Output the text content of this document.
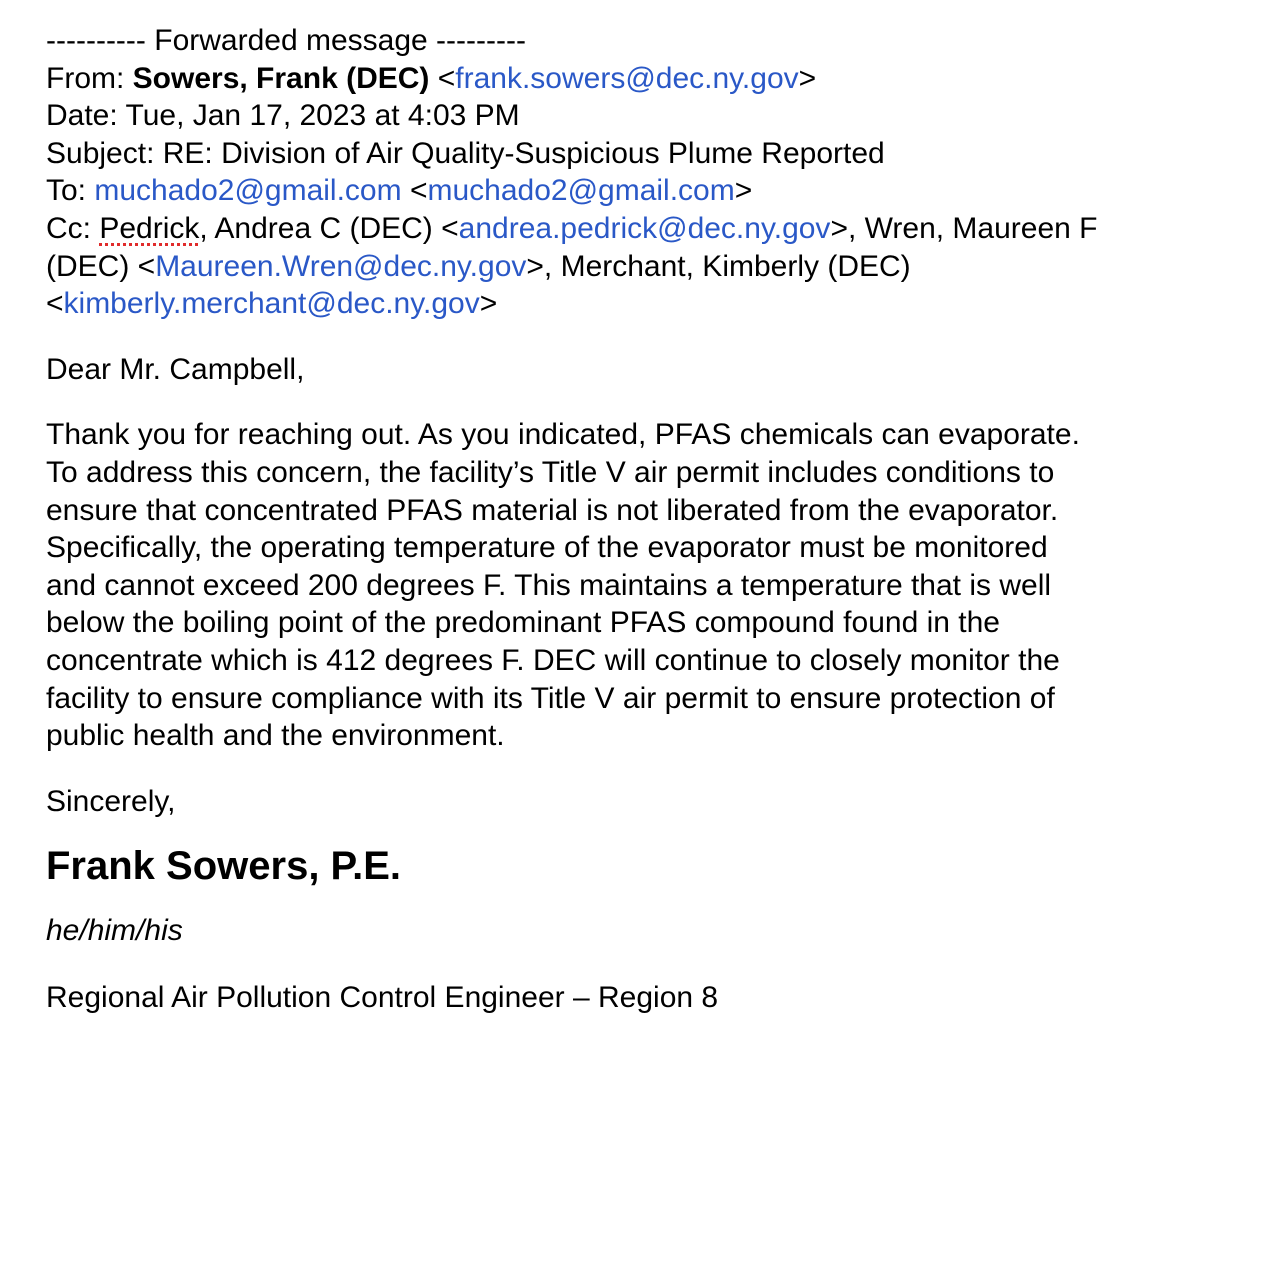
---------- Forwarded message ---------
From: Sowers, Frank (DEC) <frank.sowers@dec.ny.gov>
Date: Tue, Jan 17, 2023 at 4:03 PM
Subject: RE: Division of Air Quality-Suspicious Plume Reported
To: muchado2@gmail.com <muchado2@gmail.com>
Cc: Pedrick, Andrea C (DEC) <andrea.pedrick@dec.ny.gov>, Wren, Maureen F
(DEC) <Maureen.Wren@dec.ny.gov>, Merchant, Kimberly (DEC)
<kimberly.merchant@dec.ny.gov>
Dear Mr. Campbell,
Thank you for reaching out. As you indicated, PFAS chemicals can evaporate.
To address this concern, the facility’s Title V air permit includes conditions to
ensure that concentrated PFAS material is not liberated from the evaporator.
Specifically, the operating temperature of the evaporator must be monitored
and cannot exceed 200 degrees F. This maintains a temperature that is well
below the boiling point of the predominant PFAS compound found in the
concentrate which is 412 degrees F. DEC will continue to closely monitor the
facility to ensure compliance with its Title V air permit to ensure protection of
public health and the environment.
Sincerely,
Frank Sowers, P.E.
he/him/his
Regional Air Pollution Control Engineer – Region 8
